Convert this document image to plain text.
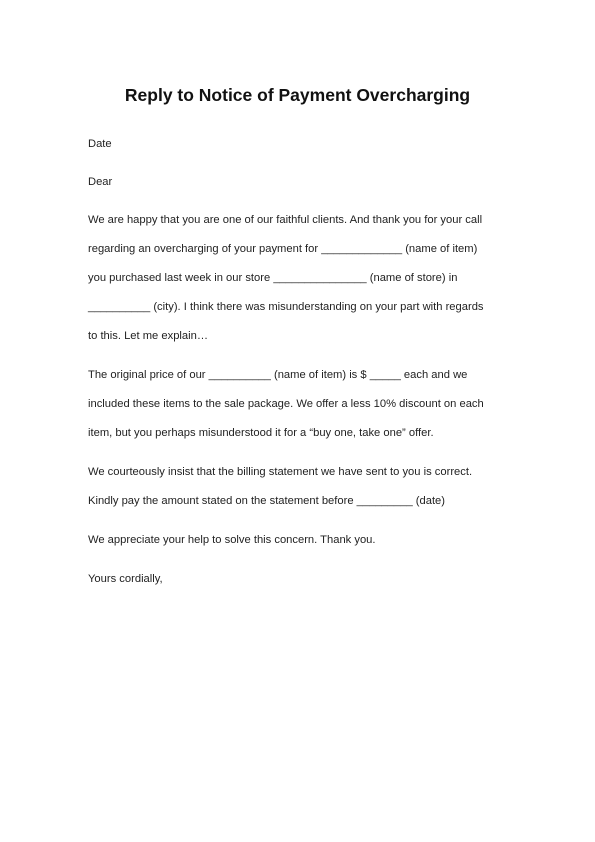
Reply to Notice of Payment Overcharging
Date
Dear
We are happy that you are one of our faithful clients. And thank you for your call
regarding an overcharging of your payment for _____________ (name of item)
you purchased last week in our store _______________ (name of store) in
__________ (city). I think there was misunderstanding on your part with regards
to this. Let me explain…
The original price of our __________ (name of item) is $ _____ each and we
included these items to the sale package. We offer a less 10% discount on each
item, but you perhaps misunderstood it for a “buy one, take one” offer.
We courteously insist that the billing statement we have sent to you is correct.
Kindly pay the amount stated on the statement before _________ (date)
We appreciate your help to solve this concern. Thank you.
Yours cordially,
